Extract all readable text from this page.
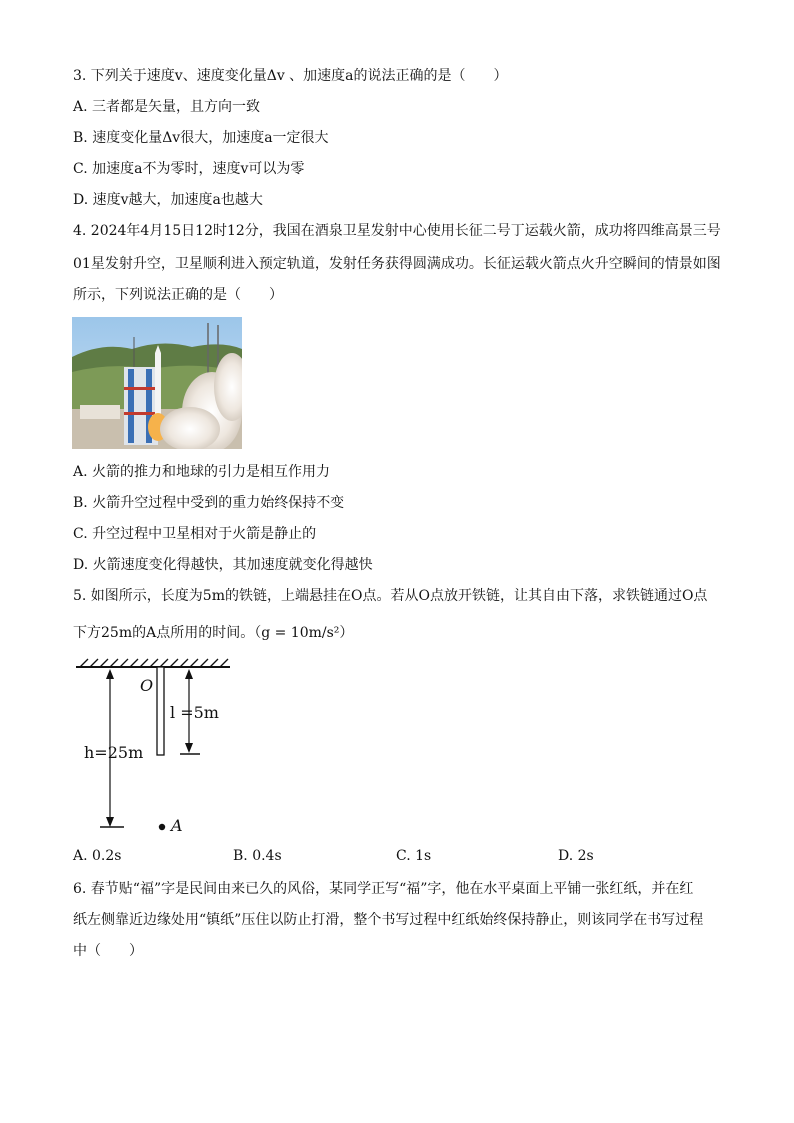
3. 下列关于速度v、速度变化量Δv 、加速度a的说法正确的是（　　）
A. 三者都是矢量，且方向一致
B. 速度变化量Δv很大，加速度a一定很大
C. 加速度a不为零时，速度v可以为零
D. 速度v越大，加速度a也越大
4. 2024年4月15日12时12分，我国在酒泉卫星发射中心使用长征二号丁运载火箭，成功将四维高景三号
01星发射升空，卫星顺利进入预定轨道，发射任务获得圆满成功。长征运载火箭点火升空瞬间的情景如图
所示，下列说法正确的是（　　）
A. 火箭的推力和地球的引力是相互作用力
B. 火箭升空过程中受到的重力始终保持不变
C. 升空过程中卫星相对于火箭是静止的
D. 火箭速度变化得越快，其加速度就变化得越快
5. 如图所示，长度为5m的铁链，上端悬挂在O点。若从O点放开铁链，让其自由下落，求铁链通过O点
下方25m的A点所用的时间。（g = 10m/s²）
O
l =5m
h=25m
A
A. 0.2s	B. 0.4s	C. 1s	D. 2s
6. 春节贴“福”字是民间由来已久的风俗，某同学正写“福”字，他在水平桌面上平铺一张红纸，并在红
纸左侧靠近边缘处用“镇纸”压住以防止打滑，整个书写过程中红纸始终保持静止，则该同学在书写过程
中（　　）
